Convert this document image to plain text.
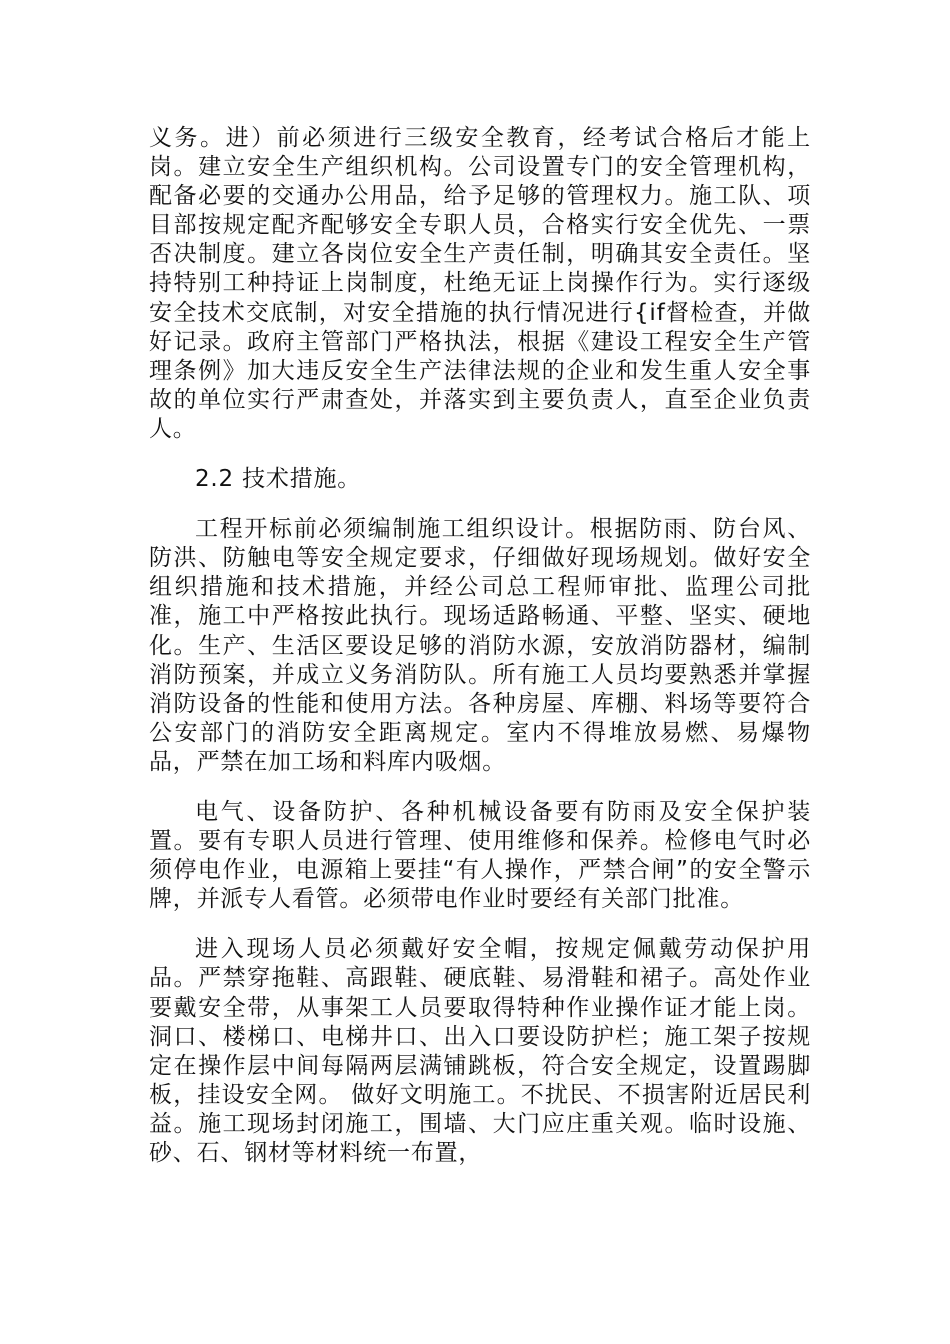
义务。进）前必须进行三级安全教育，经考试合格后才能上岗。建立安全生产组织机构。公司设置专门的安全管理机构，配备必要的交通办公用品，给予足够的管理权力。施工队、项目部按规定配齐配够安全专职人员，合格实行安全优先、一票否决制度。建立各岗位安全生产责任制，明确其安全责任。坚持特别工种持证上岗制度，杜绝无证上岗操作行为。实行逐级安全技术交底制，对安全措施的执行情况进行{if督检查，并做好记录。政府主管部门严格执法，根据《建设工程安全生产管理条例》加大违反安全生产法律法规的企业和发生重人安全事故的单位实行严肃查处，并落实到主要负责人，直至企业负责人。

2.2 技术措施。

工程开标前必须编制施工组织设计。根据防雨、防台风、防洪、防触电等安全规定要求，仔细做好现场规划。做好安全组织措施和技术措施，并经公司总工程师审批、监理公司批准，施工中严格按此执行。现场适路畅通、平整、坚实、硬地化。生产、生活区要设足够的消防水源，安放消防器材，编制消防预案，并成立义务消防队。所有施工人员均要熟悉并掌握消防设备的性能和使用方法。各种房屋、库棚、料场等要符合公安部门的消防安全距离规定。室内不得堆放易燃、易爆物品，严禁在加工场和料库内吸烟。

电气、设备防护、各种机械设备要有防雨及安全保护装置。要有专职人员进行管理、使用维修和保养。检修电气时必须停电作业，电源箱上要挂“有人操作，严禁合闸”的安全警示牌，并派专人看管。必须带电作业时要经有关部门批准。

进入现场人员必须戴好安全帽，按规定佩戴劳动保护用品。严禁穿拖鞋、高跟鞋、硬底鞋、易滑鞋和裙子。高处作业要戴安全带，从事架工人员要取得特种作业操作证才能上岗。洞口、楼梯口、电梯井口、出入口要设防护栏；施工架子按规定在操作层中间每隔两层满铺跳板，符合安全规定，设置踢脚板，挂设安全网。 做好文明施工。不扰民、不损害附近居民利益。施工现场封闭施工，围墙、大门应庄重关观。临时设施、砂、石、钢材等材料统一布置，
